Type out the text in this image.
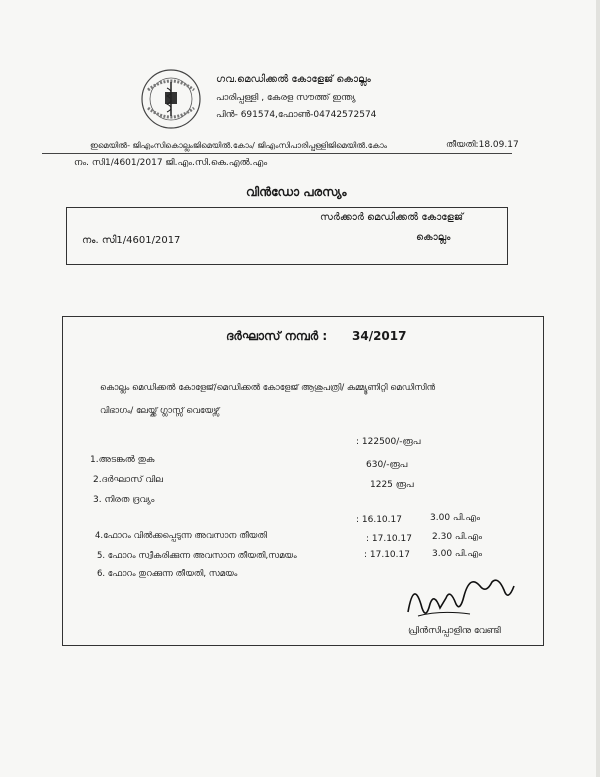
ഗവ.മെഡിക്കൽ കോളേജ് കൊല്ലം
പാരിപ്പള്ളി , കേരള സൗത്ത് ഇന്ത്യ
പിൻ- 691574,ഫോൺ-04742572574
ഇമെയിൽ- ജിഎംസികൊല്ലംജിമെയിൽ.കോം/ ജിഎംസിപാരിപ്പള്ളിജിമെയിൽ.കോം	തീയതി:18.09.17
നം. സി1/4601/2017 ജി.എം.സി.കെ.എൽ.എം
വിൻഡോ പരസ്യം
നം. സി1/4601/2017
സർക്കാർ മെഡിക്കൽ കോളേജ്
കൊല്ലം
ദർഘാസ് നമ്പർ : 34/2017
കൊല്ലം മെഡിക്കൽ കോളേജ്/മെഡിക്കൽ കോളേജ് ആശുപത്രി/ കമ്മ്യൂണിറ്റി മെഡിസിൻ
വിഭാഗം/ ലേയ്ക്ക് ഗ്ലാസ്സ് വെയേഴ്സ്
1.അടങ്കൽ തുക
: 122500/-രൂപ
2.ദർഘാസ് വില
630/-രൂപ
3. നിരത ദ്രവ്യം
1225 രൂപ
4.ഫോറം വിൽക്കപ്പെടുന്ന അവസാന തീയതി
: 16.10.17	3.00 പി.എം
5. ഫോറം സ്വീകരിക്കുന്ന അവസാന തീയതി,സമയം
: 17.10.17 2.30 പി.എം
6. ഫോറം തുറക്കുന്ന തീയതി, സമയം
: 17.10.17 3.00 പി.എം
പ്രിൻസിപ്പാളിനു വേണ്ടി
